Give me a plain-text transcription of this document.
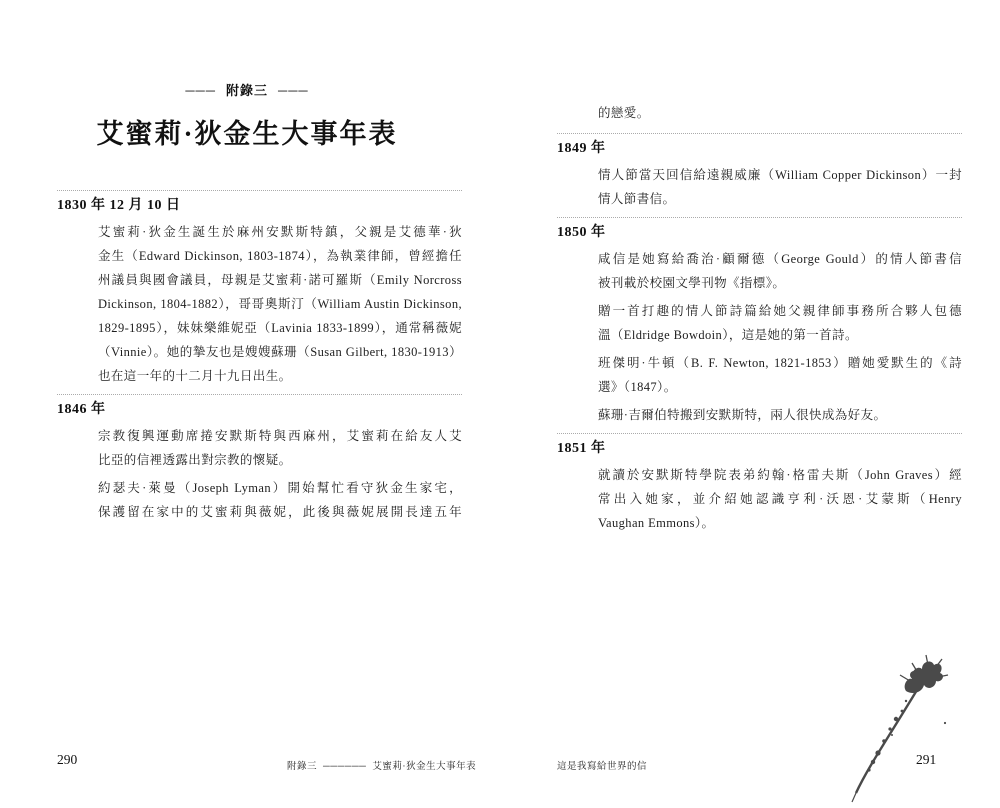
─── 附錄三 ───
艾蜜莉·狄金生大事年表
1830 年 12 月 10 日
艾蜜莉·狄金生誕生於麻州安默斯特鎮，父親是艾德華·狄
金生（Edward Dickinson, 1803-1874），為執業律師，曾經擔任
州議員與國會議員，母親是艾蜜莉·諾可羅斯（Emily Norcross
Dickinson, 1804-1882），哥哥奧斯汀（William Austin Dickinson,
1829-1895），妹妹樂維妮亞（Lavinia 1833-1899），通常稱薇妮
（Vinnie）。她的摯友也是嫂嫂蘇珊（Susan Gilbert, 1830-1913）
也在這一年的十二月十九日出生。
1846 年
宗教復興運動席捲安默斯特與西麻州，艾蜜莉在給友人艾
比亞的信裡透露出對宗教的懷疑。
約瑟夫·萊曼（Joseph Lyman）開始幫忙看守狄金生家宅，
保護留在家中的艾蜜莉與薇妮，此後與薇妮展開長達五年
290	附錄三 ────── 艾蜜莉·狄金生大事年表
的戀愛。
1849 年
情人節當天回信給遠親威廉（William Copper Dickinson）一封
情人節書信。
1850 年
咸信是她寫給喬治·顧爾德（George Gould）的情人節書信
被刊載於校園文學刊物《指標》。
贈一首打趣的情人節詩篇給她父親律師事務所合夥人包德
溫（Eldridge Bowdoin），這是她的第一首詩。
班傑明·牛頓（B. F. Newton, 1821-1853）贈她愛默生的《詩
選》（1847）。
蘇珊·吉爾伯特搬到安默斯特，兩人很快成為好友。
1851 年
就讀於安默斯特學院表弟約翰·格雷夫斯（John Graves）經
常出入她家，並介紹她認識亨利·沃恩·艾蒙斯（Henry
Vaughan Emmons）。
這是我寫給世界的信	291
